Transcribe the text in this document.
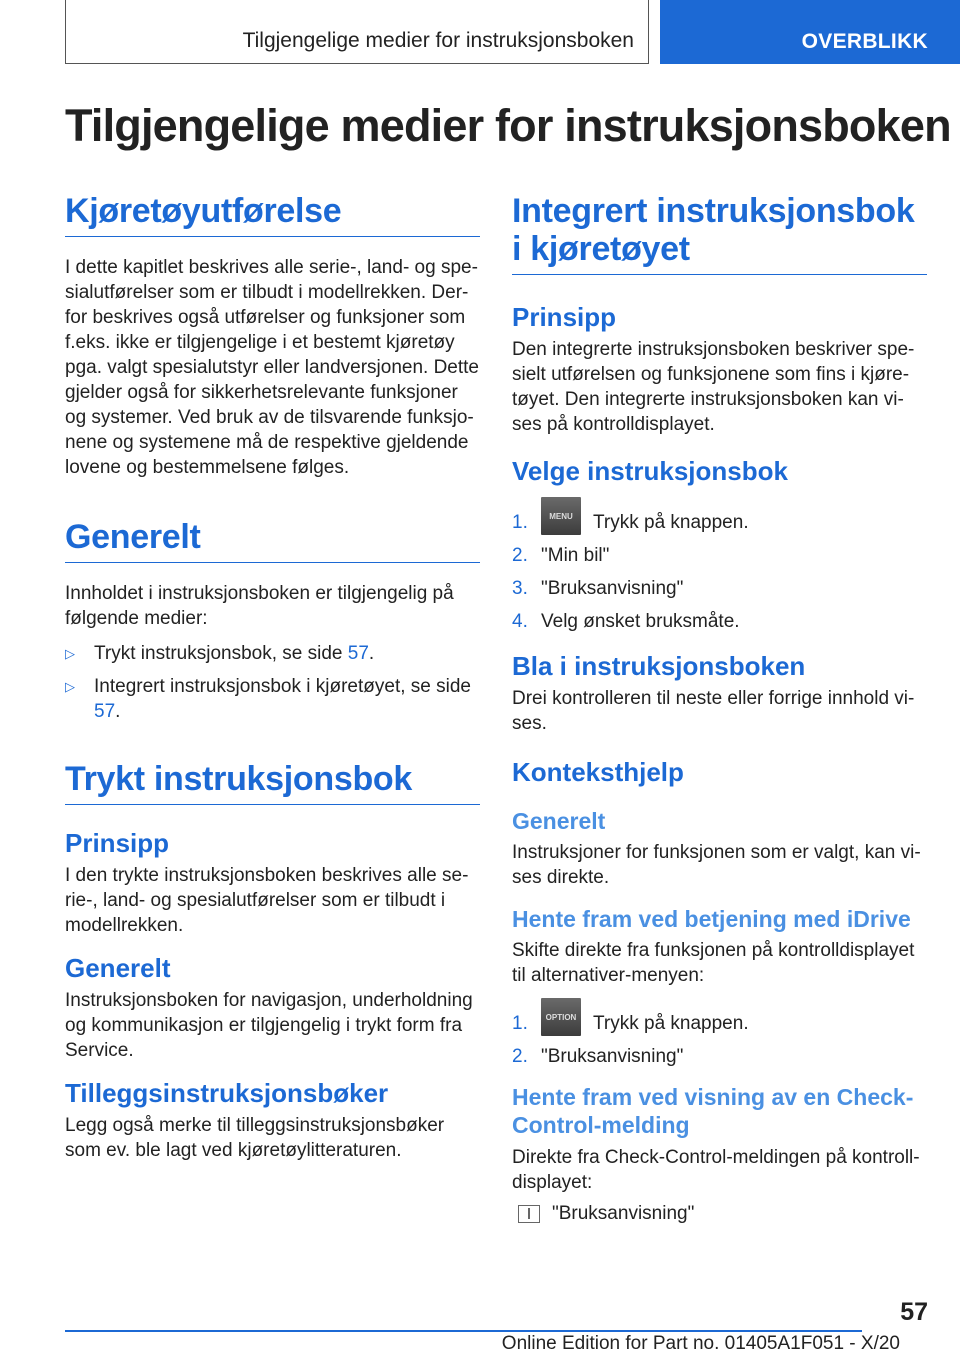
Tilgjengelige medier for instruksjonsboken	OVERBLIKK
Tilgjengelige medier for instruksjonsboken
Kjøretøyutførelse

I dette kapitlet beskrives alle serie-, land- og spesialutførelser som er tilbudt i modellrekken. Derfor beskrives også utførelser og funksjoner som f.eks. ikke er tilgjengelige i et bestemt kjøretøy pga. valgt spesialutstyr eller landversjonen. Dette gjelder også for sikkerhetsrelevante funksjoner og systemer. Ved bruk av de tilsvarende funksjonene og systemene må de respektive gjeldende lovene og bestemmelsene følges.

Generelt

Innholdet i instruksjonsboken er tilgjengelig på følgende medier:

▷	Trykt instruksjonsbok, se side 57.
▷	Integrert instruksjonsbok i kjøretøyet, se side 57.
Trykt instruksjonsbok
Prinsipp

I den trykte instruksjonsboken beskrives alle serie-, land- og spesialutførelser som er tilbudt i modellrekken.

Generelt

Instruksjonsboken for navigasjon, underholdning og kommunikasjon er tilgjengelig i trykt form fra Service.

Tilleggsinstruksjonsbøker

Legg også merke til tilleggsinstruksjonsbøker som ev. ble lagt ved kjøretøylitteraturen.

Integrert instruksjonsbok i kjøretøyet
Prinsipp

Den integrerte instruksjonsboken beskriver spesielt utførelsen og funksjonene som fins i kjøretøyet. Den integrerte instruksjonsboken kan vises på kontrolldisplayet.

Velge instruksjonsbok
1.	MENU	Trykk på knappen.
2. "Min bil"
3. "Bruksanvisning"
4. Velg ønsket bruksmåte.
Bla i instruksjonsboken

Drei kontrolleren til neste eller forrige innhold vises.

Konteksthjelp
Generelt

Instruksjoner for funksjonen som er valgt, kan vises direkte.

Hente fram ved betjening med iDrive

Skifte direkte fra funksjonen på kontrolldisplayet til alternativer-menyen:

1.	OPTION Trykk på knappen.
2. "Bruksanvisning"
Hente fram ved visning av en Check-Control-melding

Direkte fra Check-Control-meldingen på kontrolldisplayet:

"Bruksanvisning"
57
Online Edition for Part no. 01405A1F051 - X/20
